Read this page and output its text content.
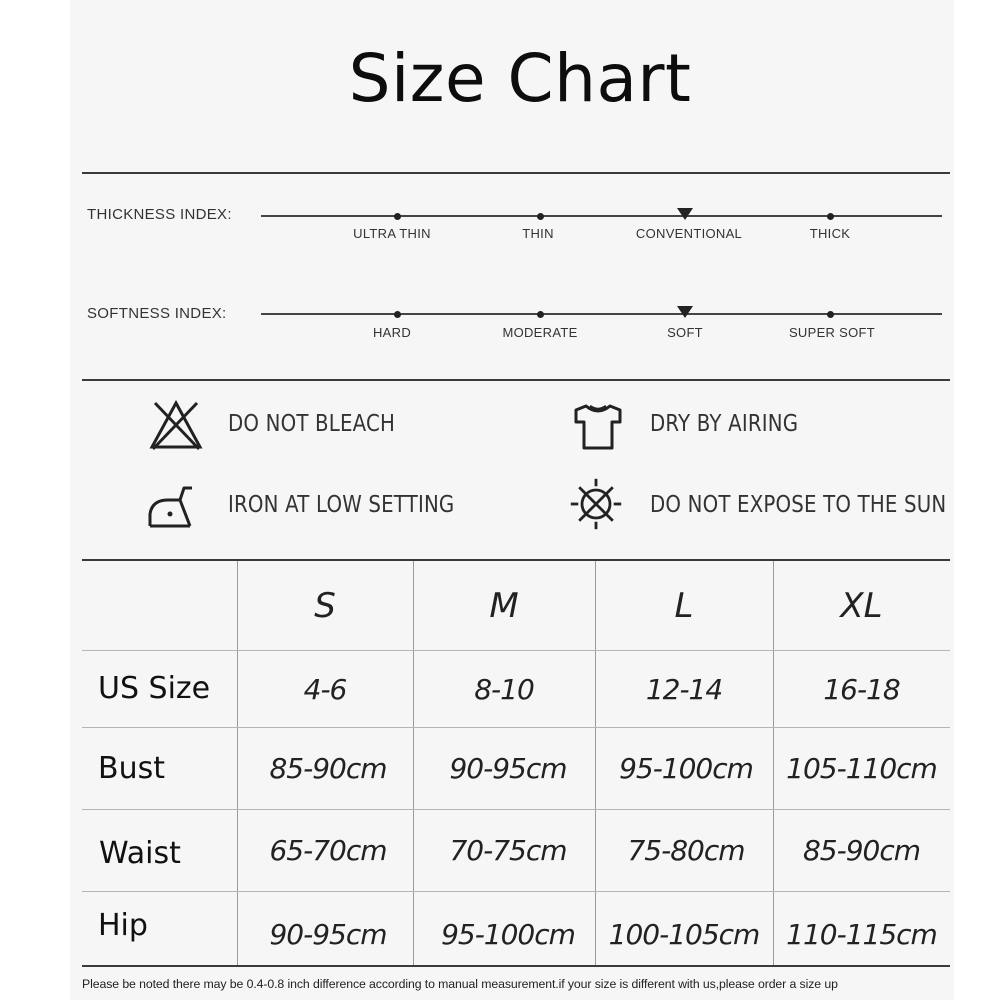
Size Chart
THICKNESS INDEX:
ULTRA THIN	THIN	CONVENTIONAL	THICK
SOFTNESS INDEX:
HARD	MODERATE	SOFT	SUPER SOFT
DO NOT BLEACH	DRY BY AIRING
IRON AT LOW SETTING	DO NOT EXPOSE TO THE SUN
S	M	L	XL
US Size	4-6	8-10	12-14	16-18
Bust	85-90cm	90-95cm	95-100cm	105-110cm
Waist	65-70cm	70-75cm	75-80cm	85-90cm
Hip	90-95cm	95-100cm	100-105cm 110-115cm
Please be noted there may be 0.4-0.8 inch difference according to manual measurement.if your size is different with us,please order a size up
